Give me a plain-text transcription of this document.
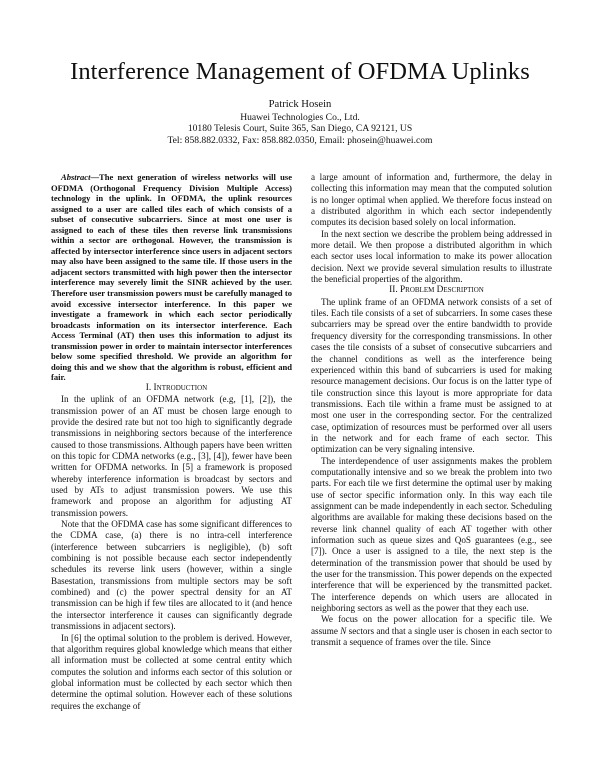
Interference Management of OFDMA Uplinks
Patrick Hosein
Huawei Technologies Co., Ltd.
10180 Telesis Court, Suite 365, San Diego, CA 92121, US
Tel: 858.882.0332, Fax: 858.882.0350, Email: phosein@huawei.com

Abstract—The next generation of wireless networks will use OFDMA (Orthogonal Frequency Division Multiple Access) technology in the uplink. In OFDMA, the uplink resources assigned to a user are called tiles each of which consists of a subset of consecutive subcarriers. Since at most one user is assigned to each of these tiles then reverse link transmissions within a sector are orthogonal. However, the transmission is affected by intersector interference since users in adjacent sectors may also have been assigned to the same tile. If those users in the adjacent sectors transmitted with high power then the intersector interference may severely limit the SINR achieved by the user. Therefore user transmission powers must be carefully managed to avoid excessive intersector interference. In this paper we investigate a framework in which each sector periodically broadcasts information on its intersector interference. Each Access Terminal (AT) then uses this information to adjust its transmission power in order to maintain intersector interferences below some specified threshold. We provide an algorithm for doing this and we show that the algorithm is robust, efficient and fair.

I. Introduction

In the uplink of an OFDMA network (e.g, [1], [2]), the transmission power of an AT must be chosen large enough to provide the desired rate but not too high to significantly degrade transmissions in neighboring sectors because of the interference caused to those transmissions. Although papers have been written on this topic for CDMA networks (e.g., [3], [4]), fewer have been written for OFDMA networks. In [5] a framework is proposed whereby interference information is broadcast by sectors and used by ATs to adjust transmission powers. We use this framework and propose an algorithm for adjusting AT transmission powers.

Note that the OFDMA case has some significant differences to the CDMA case, (a) there is no intra-cell interference (interference between subcarriers is negligible), (b) soft combining is not possible because each sector independently schedules its reverse link users (however, within a single Basestation, transmissions from multiple sectors may be soft combined) and (c) the power spectral density for an AT transmission can be high if few tiles are allocated to it (and hence the intersector interference it causes can significantly degrade transmissions in adjacent sectors).

In [6] the optimal solution to the problem is derived. However, that algorithm requires global knowledge which means that either all information must be collected at some central entity which computes the solution and informs each sector of this solution or global information must be collected by each sector which then determine the optimal solution. However each of these solutions requires the exchange of

a large amount of information and, furthermore, the delay in collecting this information may mean that the computed solution is no longer optimal when applied. We therefore focus instead on a distributed algorithm in which each sector independently computes its decision based solely on local information.

In the next section we describe the problem being addressed in more detail. We then propose a distributed algorithm in which each sector uses local information to make its power allocation decision. Next we provide several simulation results to illustrate the beneficial properties of the algorithm.

II. Problem Description

The uplink frame of an OFDMA network consists of a set of tiles. Each tile consists of a set of subcarriers. In some cases these subcarriers may be spread over the entire bandwidth to provide frequency diversity for the corresponding transmissions. In other cases the tile consists of a subset of consecutive subcarriers and the channel conditions as well as the interference being experienced within this band of subcarriers is used for making resource management decisions. Our focus is on the latter type of tile construction since this layout is more appropriate for data transmissions. Each tile within a frame must be assigned to at most one user in the corresponding sector. For the centralized case, optimization of resources must be performed over all users in the network and for each frame of each sector. This optimization can be very signaling intensive.

The interdependence of user assignments makes the problem computationally intensive and so we break the problem into two parts. For each tile we first determine the optimal user by making use of sector specific information only. In this way each tile assignment can be made independently in each sector. Scheduling algorithms are available for making these decisions based on the reverse link channel quality of each AT together with other information such as queue sizes and QoS guarantees (e.g., see [7]). Once a user is assigned to a tile, the next step is the determination of the transmission power that should be used by the user for the transmission. This power depends on the expected interference that will be experienced by the transmitted packet. The interference depends on which users are allocated in neighboring sectors as well as the power that they each use.

We focus on the power allocation for a specific tile. We assume N sectors and that a single user is chosen in each sector to transmit a sequence of frames over the tile. Since
